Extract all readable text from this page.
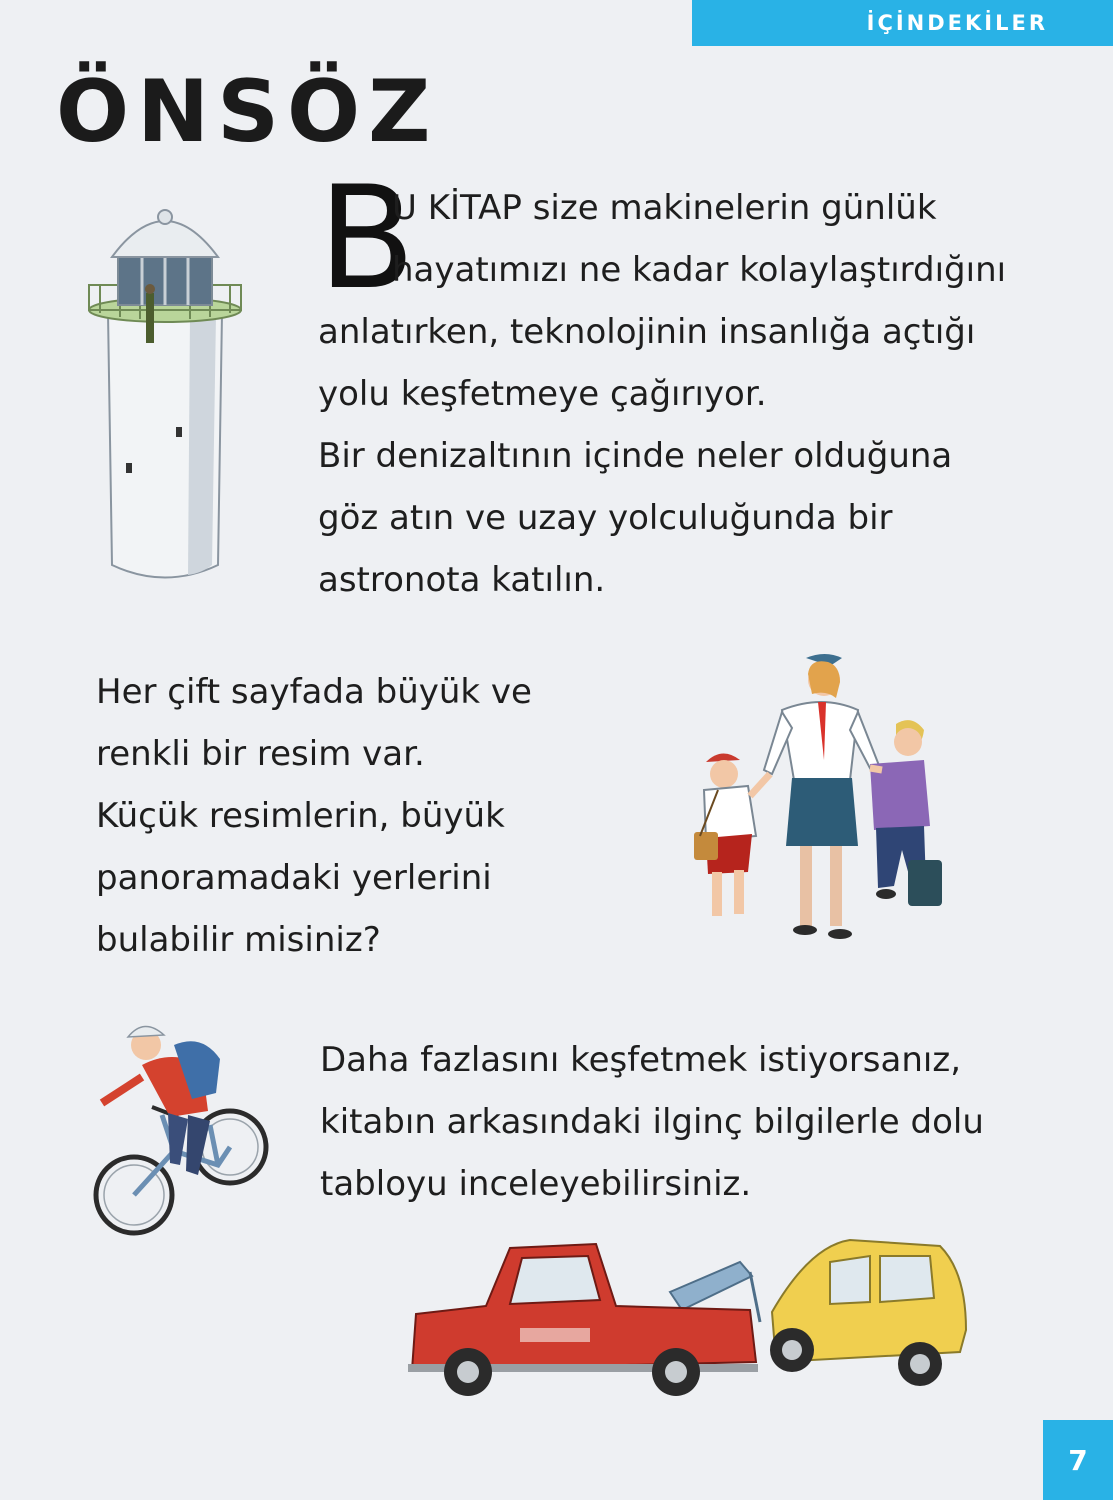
İÇİNDEKİLER
ÖNSÖZ
B
U KİTAP size makinelerin günlük
hayatımızı ne kadar kolaylaştırdığını
anlatırken, teknolojinin insanlığa açtığı
yolu keşfetmeye çağırıyor.
Bir denizaltının içinde neler olduğuna
göz atın ve uzay yolculuğunda bir
astronota katılın.
Her çift sayfada büyük ve
renkli bir resim var.
Küçük resimlerin, büyük
panoramadaki yerlerini
bulabilir misiniz?
Daha fazlasını keşfetmek istiyorsanız,
kitabın arkasındaki ilginç bilgilerle dolu
tabloyu inceleyebilirsiniz.
7
